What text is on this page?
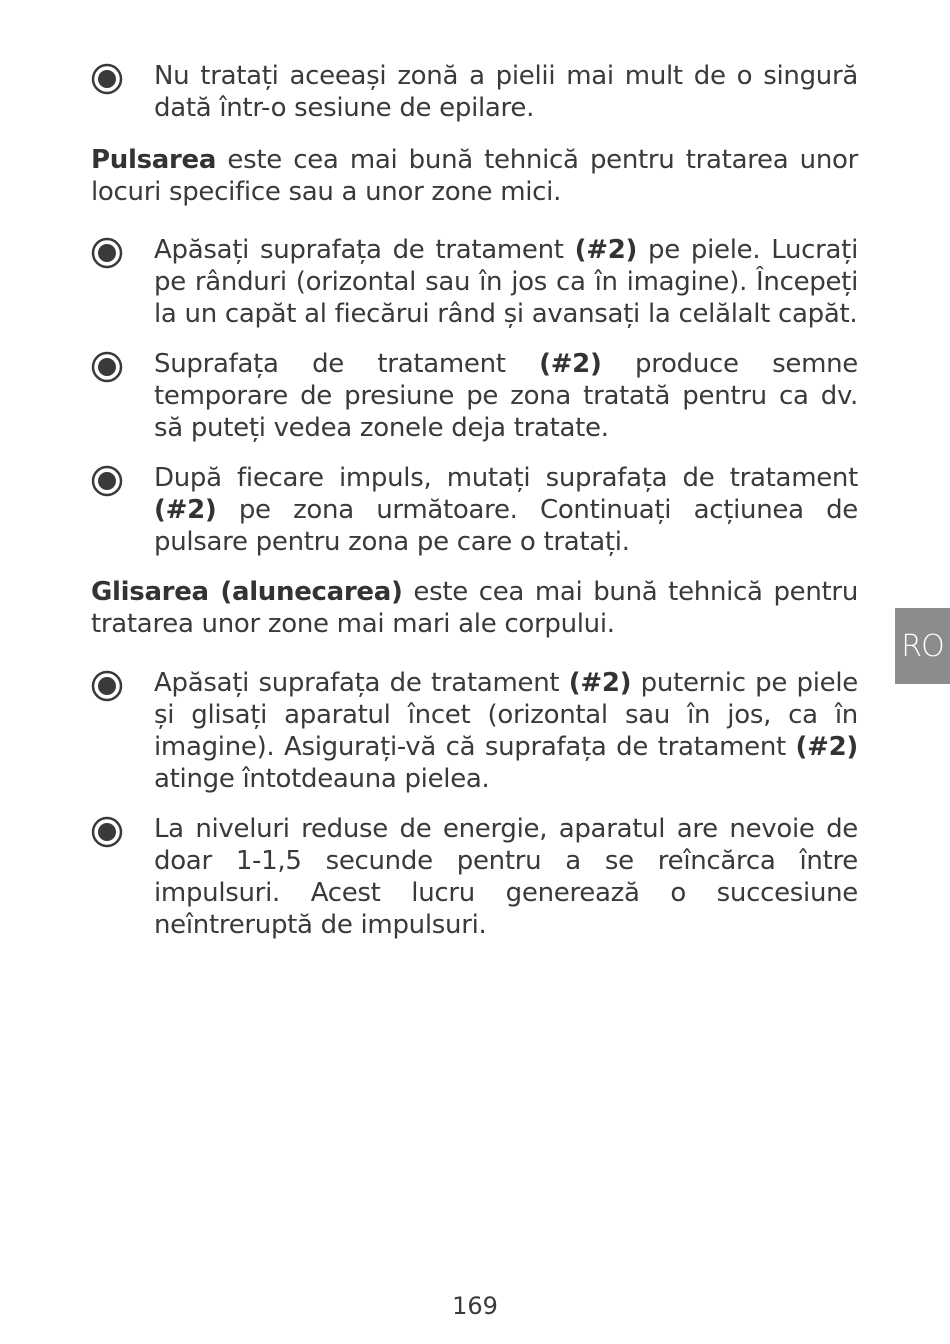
Nu tratați aceeași zonă a pielii mai mult de o singură dată într-o sesiune de epilare.
Pulsarea este cea mai bună tehnică pentru tratarea unor locuri specifice sau a unor zone mici.
Apăsați suprafața de tratament (#2) pe piele. Lucrați pe rânduri (orizontal sau în jos ca în imagine). Începeți la un capăt al fiecărui rând și avansați la celălalt capăt.
Suprafața de tratament (#2) produce semne temporare de presiune pe zona tratată pentru ca dv. să puteți vedea zonele deja tratate.
După fiecare impuls, mutați suprafața de tratament (#2) pe zona următoare. Continuați acțiunea de pulsare pentru zona pe care o tratați.
Glisarea (alunecarea) este cea mai bună tehnică pentru tratarea unor zone mai mari ale corpului.
Apăsați suprafața de tratament (#2) puternic pe piele și glisați aparatul încet (orizontal sau în jos, ca în imagine). Asigurați-vă că suprafața de tratament (#2) atinge întotdeauna pielea.
La niveluri reduse de energie, aparatul are nevoie de doar 1-1,5 secunde pentru a se reîncărca între impulsuri. Acest lucru generează o succesiune neîntreruptă de impulsuri.
RO
169
